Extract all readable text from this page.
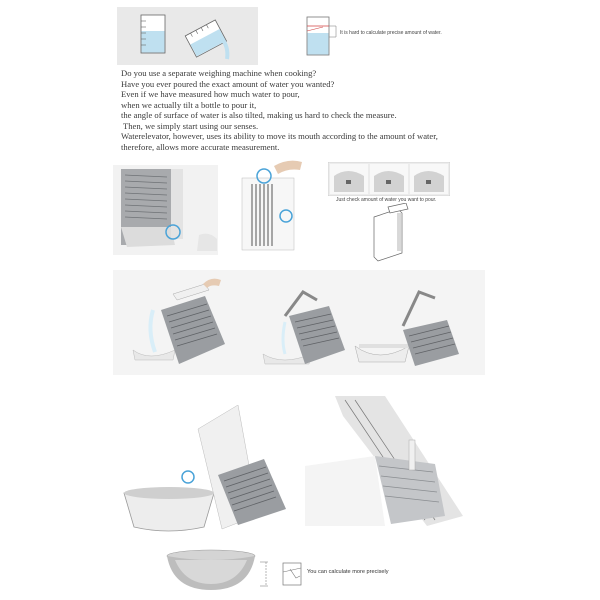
It is hard to calculate precise amount of water.

Do you use a separate weighing machine when cooking?

Have you ever poured the exact amount of water you wanted?

Even if we have measured how much water to pour,

when we actually tilt a bottle to pour it,

the angle of surface of water is also tilted, making us hard to check the measure.

Then, we simply start using our senses.

Waterelevator, however, uses its ability to move its mouth according to the amount of water,

therefore, allows more accurate measurement.

Just check amount of water you want to pour.
You can calculate more precisely
